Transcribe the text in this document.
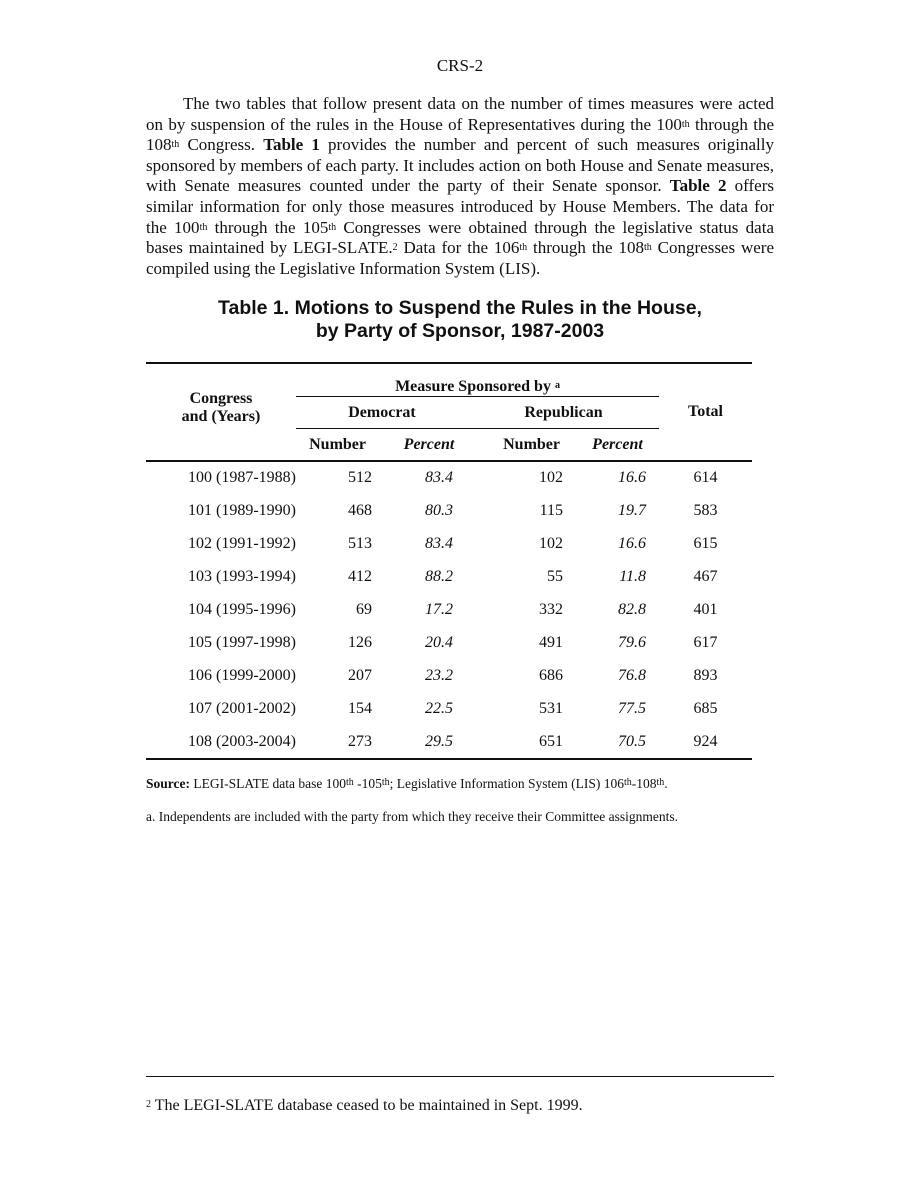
CRS-2

The two tables that follow present data on the number of times measures were acted on by suspension of the rules in the House of Representatives during the 100th through the 108th Congress. Table 1 provides the number and percent of such measures originally sponsored by members of each party. It includes action on both House and Senate measures, with Senate measures counted under the party of their Senate sponsor. Table 2 offers similar information for only those measures introduced by House Members. The data for the 100th through the 105th Congresses were obtained through the legislative status data bases maintained by LEGI-SLATE.$^2$ Data for the 106th through the 108th Congresses were compiled using the Legislative Information System (LIS).

Table 1. Motions to Suspend the Rules in the House,
by Party of Sponsor, 1987-2003
Congress
and (Years)	Measure Sponsored by $^a$				Total
	Democrat		Republican		
	Number	Percent	Number	Percent	
100 (1987-1988)	512	83.4	102	16.6	614
101 (1989-1990)	468	80.3	115	19.7	583
102 (1991-1992)	513	83.4	102	16.6	615
103 (1993-1994)	412	88.2	55	11.8	467
104 (1995-1996)	69	17.2	332	82.8	401
105 (1997-1998)	126	20.4	491	79.6	617
106 (1999-2000)	207	23.2	686	76.8	893
107 (2001-2002)	154	22.5	531	77.5	685
108 (2003-2004)	273	29.5	651	70.5	924
Source: LEGI-SLATE data base 100th -105th; Legislative Information System (LIS) 106th-108th.
a. Independents are included with the party from which they receive their Committee assignments.
$^2$ The LEGI-SLATE database ceased to be maintained in Sept. 1999.
